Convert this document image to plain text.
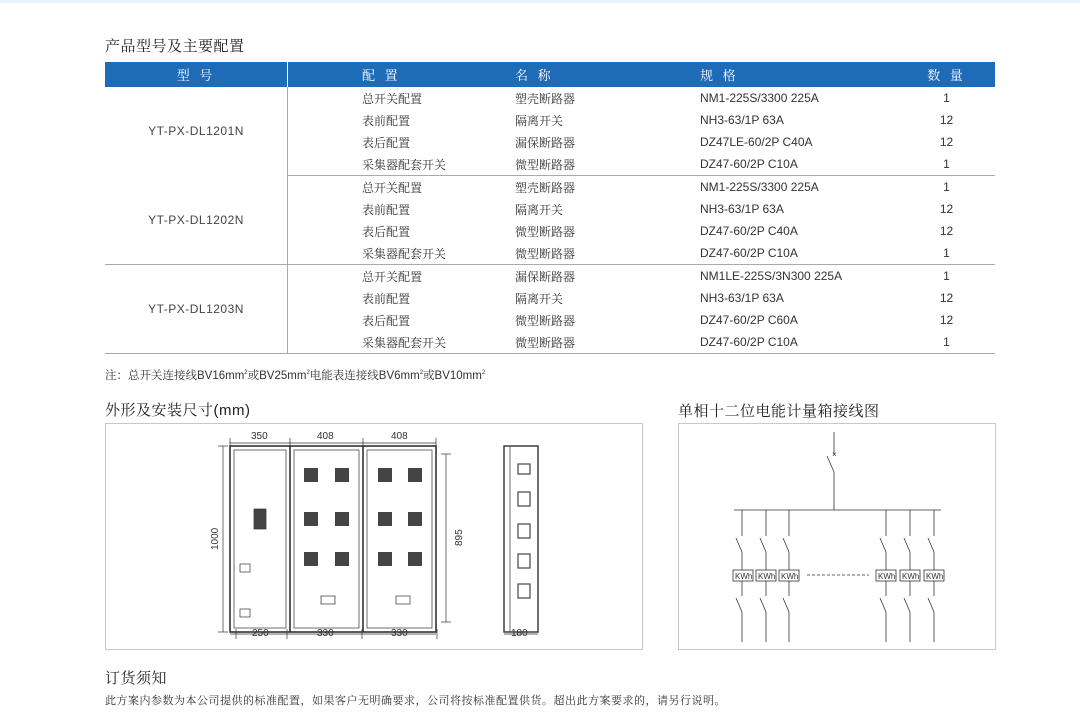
产品型号及主要配置
型 号	配 置	名 称	规 格	数 量
YT-PX-DL1201N	总开关配置	塑壳断路器	NM1-225S/3300 225A	1
	表前配置	隔离开关	NH3-63/1P 63A	12
	表后配置	漏保断路器	DZ47LE-60/2P C40A	12
	采集器配套开关	微型断路器	DZ47-60/2P C10A	1
YT-PX-DL1202N	总开关配置	塑壳断路器	NM1-225S/3300 225A	1
	表前配置	隔离开关	NH3-63/1P 63A	12
	表后配置	微型断路器	DZ47-60/2P C40A	12
	采集器配套开关	微型断路器	DZ47-60/2P C10A	1
YT-PX-DL1203N	总开关配置	漏保断路器	NM1LE-225S/3N300 225A	1
	表前配置	隔离开关	NH3-63/1P 63A	12
	表后配置	微型断路器	DZ47-60/2P C60A	12
	采集器配套开关	微型断路器	DZ47-60/2P C10A	1
注：总开关连接线$BV16mm^2$或$BV25mm^2$电能表连接线$BV6mm^2$或$BV10mm^2$
外形及安装尺寸(mm)	单相十二位电能计量箱接线图
350	408	408
1000	895
250	330	330	180
×
KWh KWh KWh	KWh KWh KWh
订货须知
此方案内参数为本公司提供的标准配置，如果客户无明确要求，公司将按标准配置供货。超出此方案要求的，请另行说明。
